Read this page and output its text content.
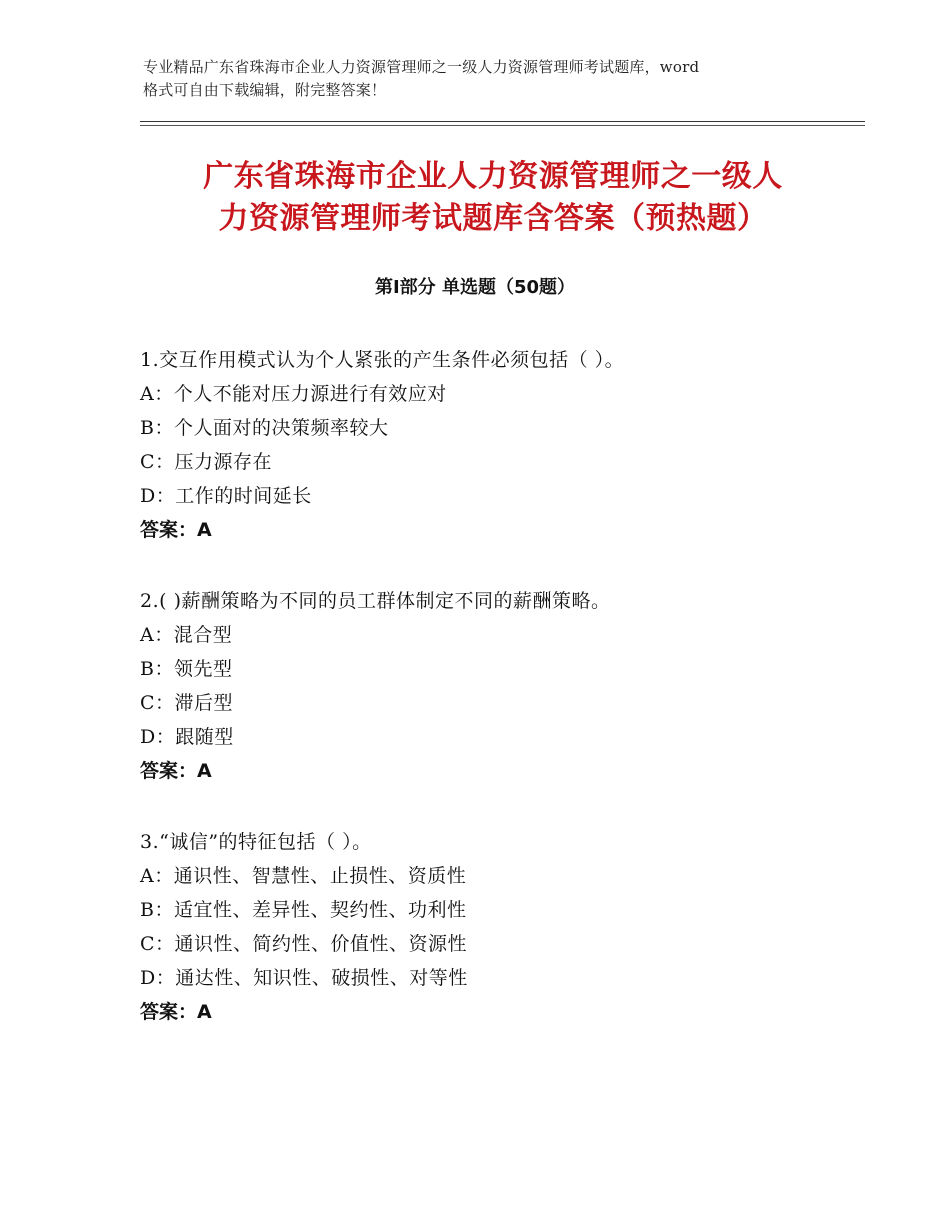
专业精品广东省珠海市企业人力资源管理师之一级人力资源管理师考试题库，word
格式可自由下载编辑，附完整答案！
广东省珠海市企业人力资源管理师之一级人
力资源管理师考试题库含答案（预热题）
第Ⅰ部分 单选题（50题）
1.交互作用模式认为个人紧张的产生条件必须包括（ ）。
A：个人不能对压力源进行有效应对
B：个人面对的决策频率较大
C：压力源存在
D：工作的时间延长
答案：A
2.( )薪酬策略为不同的员工群体制定不同的薪酬策略。
A：混合型
B：领先型
C：滞后型
D：跟随型
答案：A
3.“诚信”的特征包括（ ）。
A：通识性、智慧性、止损性、资质性
B：适宜性、差异性、契约性、功利性
C：通识性、简约性、价值性、资源性
D：通达性、知识性、破损性、对等性
答案：A
